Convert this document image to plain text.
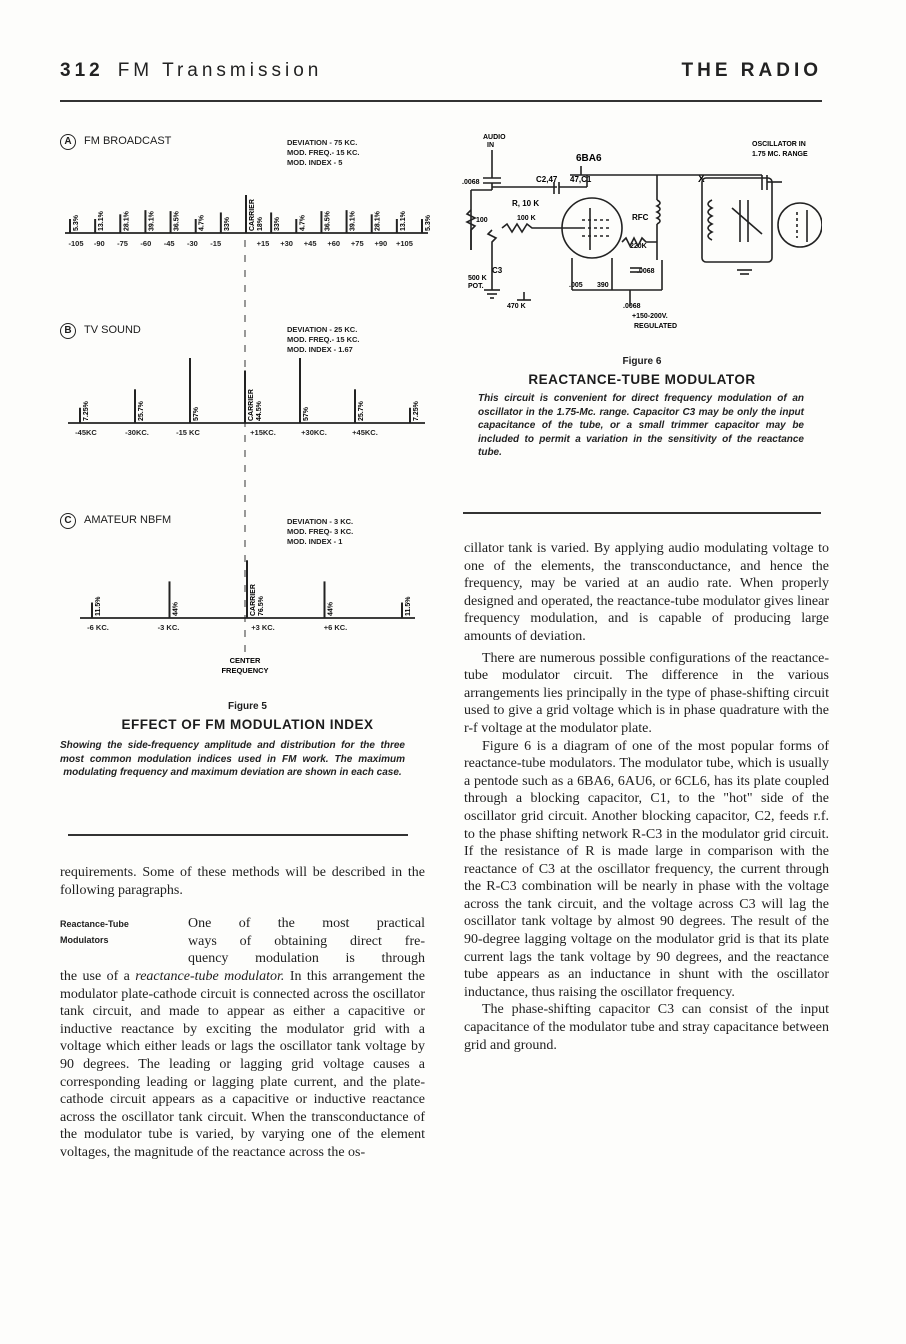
312 FM Transmission	THE RADIO
5.3%	13.1%	28.1%	39.1%	36.5%	4.7%	33%	CARRIER 18% 33%	4.7%	36.5%	39.1%	28.1%	13.1%	5.3%
7.25%	25.7%	57%	CARRIER 44.5%	57%	25.7%	7.25%
11.5%	44%	CARRIER 76.5%	44%	11.5%
-105 -90 -75 -60 -45 -30 -15	+15 +30 +45 +60 +75 +90 +105
-45KC	-30KC.	-15 KC	+15KC.	+30KC.	+45KC.
-6 KC.	-3 KC.	+3 KC.	+6 KC.
CENTER
FREQUENCY
A FM BROADCAST	DEVIATION - 75 KC.
MOD. FREQ.- 15 KC.
MOD. INDEX - 5
B TV SOUND	DEVIATION - 25 KC.
MOD. FREQ.- 15 KC.
MOD. INDEX - 1.67
C AMATEUR NBFM	DEVIATION - 3 KC.
MOD. FREQ- 3 KC.
MOD. INDEX - 1
Figure 5
EFFECT OF FM MODULATION INDEX
Showing the side-frequency amplitude and distribution for the three most common modulation indices used in FM work. The maximum modulating frequency and maximum deviation are shown in each case.
AUDIO
IN
6BA6
OSCILLATOR IN
1.75 MC. RANGE
.0068	C2,47 47,C1	X
R, 10 K
100 K
100	RFC
220K
C3
500 K
POT.	.005 390
.0068
470 K	.0068
+150-200V.
REGULATED
Figure 6
REACTANCE-TUBE MODULATOR
This circuit is convenient for direct frequency modulation of an oscillator in the 1.75-Mc. range. Capacitor C3 may be only the input capacitance of the tube, or a small trimmer capacitor may be included to permit a variation in the sensitivity of the reactance tube.

requirements. Some of these methods will be described in the following paragraphs.

Reactance-Tube
Modulators
One of the most practical
ways of obtaining direct fre-
quency modulation is through

the use of a reactance-tube modulator. In this arrangement the modulator plate-cathode circuit is connected across the oscillator tank circuit, and made to appear as either a capacitive or inductive reactance by exciting the modulator grid with a voltage which either leads or lags the oscillator tank voltage by 90 degrees. The leading or lagging grid voltage causes a corresponding leading or lagging plate current, and the plate-cathode circuit appears as a capacitive or inductive reactance across the oscillator tank circuit. When the transconductance of the modulator tube is varied, by varying one of the element voltages, the magnitude of the reactance across the os-

cillator tank is varied. By applying audio modulating voltage to one of the elements, the transconductance, and hence the frequency, may be varied at an audio rate. When properly designed and operated, the reactance-tube modulator gives linear frequency modulation, and is capable of producing large amounts of deviation.

There are numerous possible configurations of the reactance-tube modulator circuit. The difference in the various arrangements lies principally in the type of phase-shifting circuit used to give a grid voltage which is in phase quadrature with the r-f voltage at the modulator plate.

Figure 6 is a diagram of one of the most popular forms of reactance-tube modulators. The modulator tube, which is usually a pentode such as a 6BA6, 6AU6, or 6CL6, has its plate coupled through a blocking capacitor, C1, to the "hot" side of the oscillator grid circuit. Another blocking capacitor, C2, feeds r.f. to the phase shifting network R-C3 in the modulator grid circuit. If the resistance of R is made large in comparison with the reactance of C3 at the oscillator frequency, the current through the R-C3 combination will be nearly in phase with the voltage across the tank circuit, and the voltage across C3 will lag the oscillator tank voltage by almost 90 degrees. The result of the 90-degree lagging voltage on the modulator grid is that its plate current lags the tank voltage by 90 degrees, and the reactance tube appears as an inductance in shunt with the oscillator inductance, thus raising the oscillator frequency.

The phase-shifting capacitor C3 can consist of the input capacitance of the modulator tube and stray capacitance between grid and ground.
